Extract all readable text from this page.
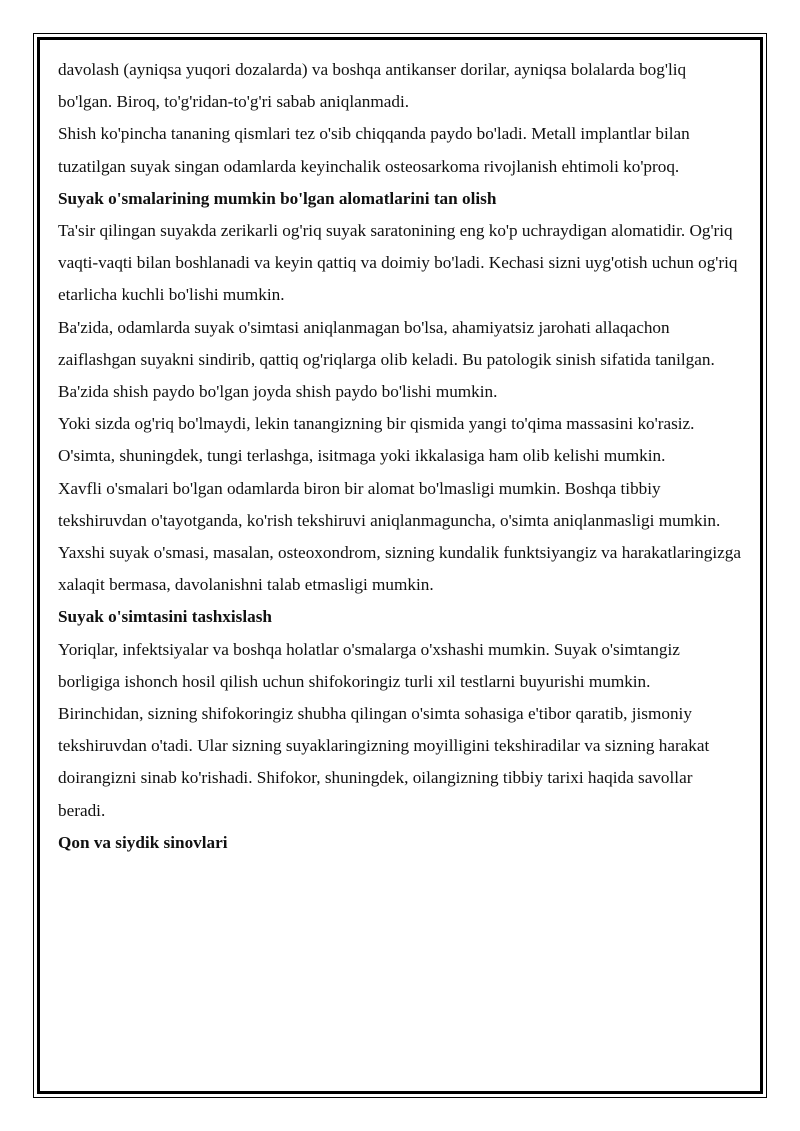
davolash (ayniqsa yuqori dozalarda) va boshqa antikanser dorilar, ayniqsa bolalarda bog'liq bo'lgan. Biroq, to'g'ridan-to'g'ri sabab aniqlanmadi.

Shish ko'pincha tananing qismlari tez o'sib chiqqanda paydo bo'ladi. Metall implantlar bilan tuzatilgan suyak singan odamlarda keyinchalik osteosarkoma rivojlanish ehtimoli ko'proq.

Suyak o'smalarining mumkin bo'lgan alomatlarini tan olish

Ta'sir qilingan suyakda zerikarli og'riq suyak saratonining eng ko'p uchraydigan alomatidir. Og'riq vaqti-vaqti bilan boshlanadi va keyin qattiq va doimiy bo'ladi. Kechasi sizni uyg'otish uchun og'riq etarlicha kuchli bo'lishi mumkin.

Ba'zida, odamlarda suyak o'simtasi aniqlanmagan bo'lsa, ahamiyatsiz jarohati allaqachon zaiflashgan suyakni sindirib, qattiq og'riqlarga olib keladi. Bu patologik sinish sifatida tanilgan. Ba'zida shish paydo bo'lgan joyda shish paydo bo'lishi mumkin.

Yoki sizda og'riq bo'lmaydi, lekin tanangizning bir qismida yangi to'qima massasini ko'rasiz. O'simta, shuningdek, tungi terlashga, isitmaga yoki ikkalasiga ham olib kelishi mumkin.

Xavfli o'smalari bo'lgan odamlarda biron bir alomat bo'lmasligi mumkin. Boshqa tibbiy tekshiruvdan o'tayotganda, ko'rish tekshiruvi aniqlanmaguncha, o'simta aniqlanmasligi mumkin.

Yaxshi suyak o'smasi, masalan, osteoxondrom, sizning kundalik funktsiyangiz va harakatlaringizga xalaqit bermasa, davolanishni talab etmasligi mumkin.

Suyak o'simtasini tashxislash

Yoriqlar, infektsiyalar va boshqa holatlar o'smalarga o'xshashi mumkin. Suyak o'simtangiz borligiga ishonch hosil qilish uchun shifokoringiz turli xil testlarni buyurishi mumkin.

Birinchidan, sizning shifokoringiz shubha qilingan o'simta sohasiga e'tibor qaratib, jismoniy tekshiruvdan o'tadi. Ular sizning suyaklaringizning moyilligini tekshiradilar va sizning harakat doirangizni sinab ko'rishadi. Shifokor, shuningdek, oilangizning tibbiy tarixi haqida savollar beradi.

Qon va siydik sinovlari
